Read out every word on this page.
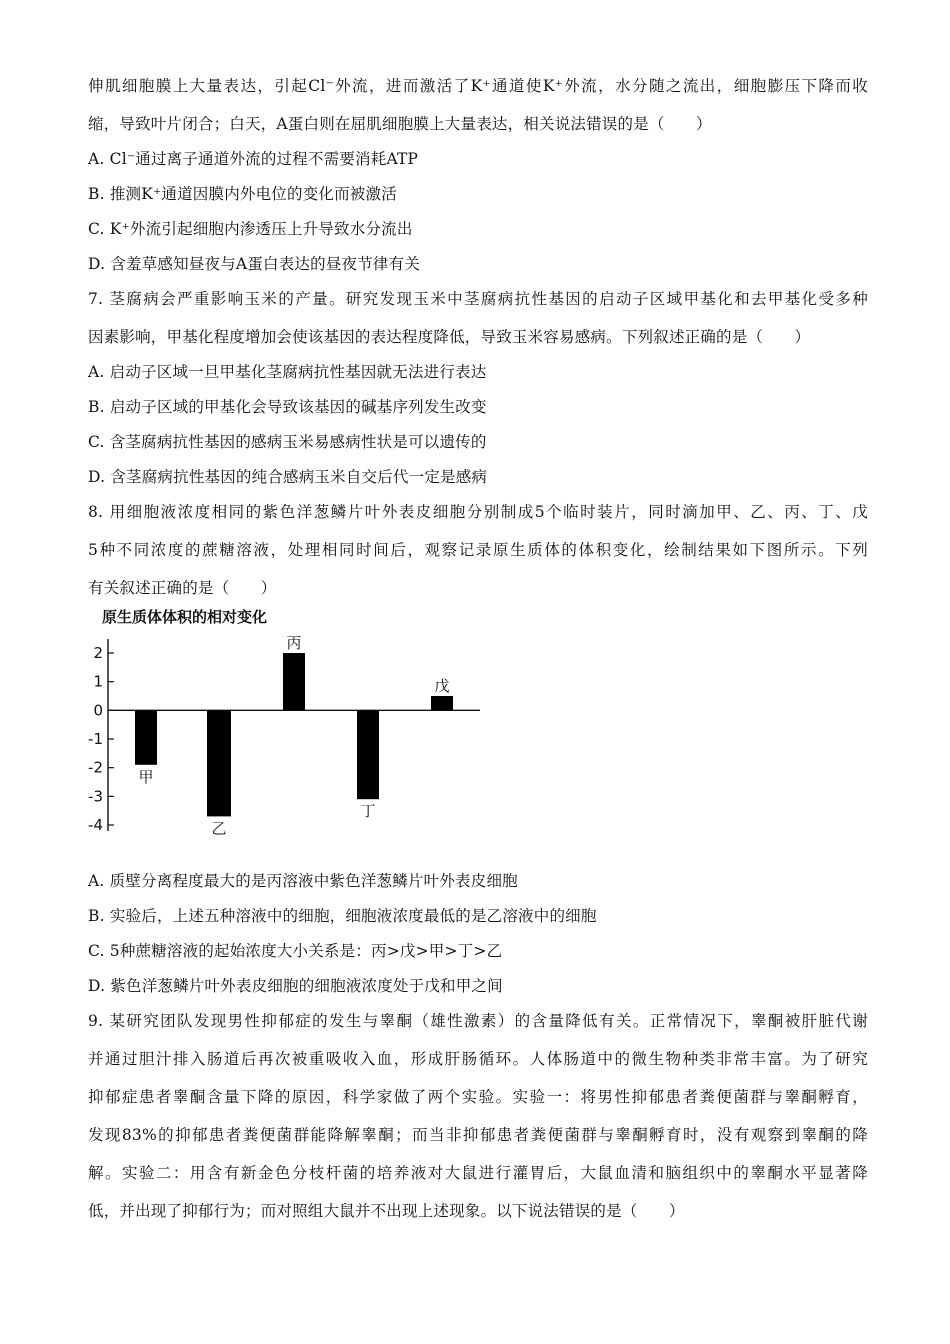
伸肌细胞膜上大量表达，引起Cl⁻外流，进而激活了K⁺通道使K⁺外流，水分随之流出，细胞膨压下降而收
缩，导致叶片闭合；白天，A蛋白则在屈肌细胞膜上大量表达，相关说法错误的是（　　）
A. Cl⁻通过离子通道外流的过程不需要消耗ATP
B. 推测K⁺通道因膜内外电位的变化而被激活
C. K⁺外流引起细胞内渗透压上升导致水分流出
D. 含羞草感知昼夜与A蛋白表达的昼夜节律有关
7. 茎腐病会严重影响玉米的产量。研究发现玉米中茎腐病抗性基因的启动子区域甲基化和去甲基化受多种
因素影响，甲基化程度增加会使该基因的表达程度降低，导致玉米容易感病。下列叙述正确的是（　　）
A. 启动子区域一旦甲基化茎腐病抗性基因就无法进行表达
B. 启动子区域的甲基化会导致该基因的碱基序列发生改变
C. 含茎腐病抗性基因的感病玉米易感病性状是可以遗传的
D. 含茎腐病抗性基因的纯合感病玉米自交后代一定是感病
8. 用细胞液浓度相同的紫色洋葱鳞片叶外表皮细胞分别制成5个临时装片，同时滴加甲、乙、丙、丁、戊
5种不同浓度的蔗糖溶液，处理相同时间后，观察记录原生质体的体积变化，绘制结果如下图所示。下列
有关叙述正确的是（　　）
原生质体体积的相对变化
2
1
0
-1
-2
-3
-4
甲
乙
丙
丁
戊
A. 质壁分离程度最大的是丙溶液中紫色洋葱鳞片叶外表皮细胞
B. 实验后，上述五种溶液中的细胞，细胞液浓度最低的是乙溶液中的细胞
C. 5种蔗糖溶液的起始浓度大小关系是：丙>戊>甲>丁>乙
D. 紫色洋葱鳞片叶外表皮细胞的细胞液浓度处于戊和甲之间
9. 某研究团队发现男性抑郁症的发生与睾酮（雄性激素）的含量降低有关。正常情况下，睾酮被肝脏代谢
并通过胆汁排入肠道后再次被重吸收入血，形成肝肠循环。人体肠道中的微生物种类非常丰富。为了研究
抑郁症患者睾酮含量下降的原因，科学家做了两个实验。实验一：将男性抑郁患者粪便菌群与睾酮孵育，
发现83%的抑郁患者粪便菌群能降解睾酮；而当非抑郁患者粪便菌群与睾酮孵育时，没有观察到睾酮的降
解。实验二：用含有新金色分枝杆菌的培养液对大鼠进行灌胃后，大鼠血清和脑组织中的睾酮水平显著降
低，并出现了抑郁行为；而对照组大鼠并不出现上述现象。以下说法错误的是（　　）
